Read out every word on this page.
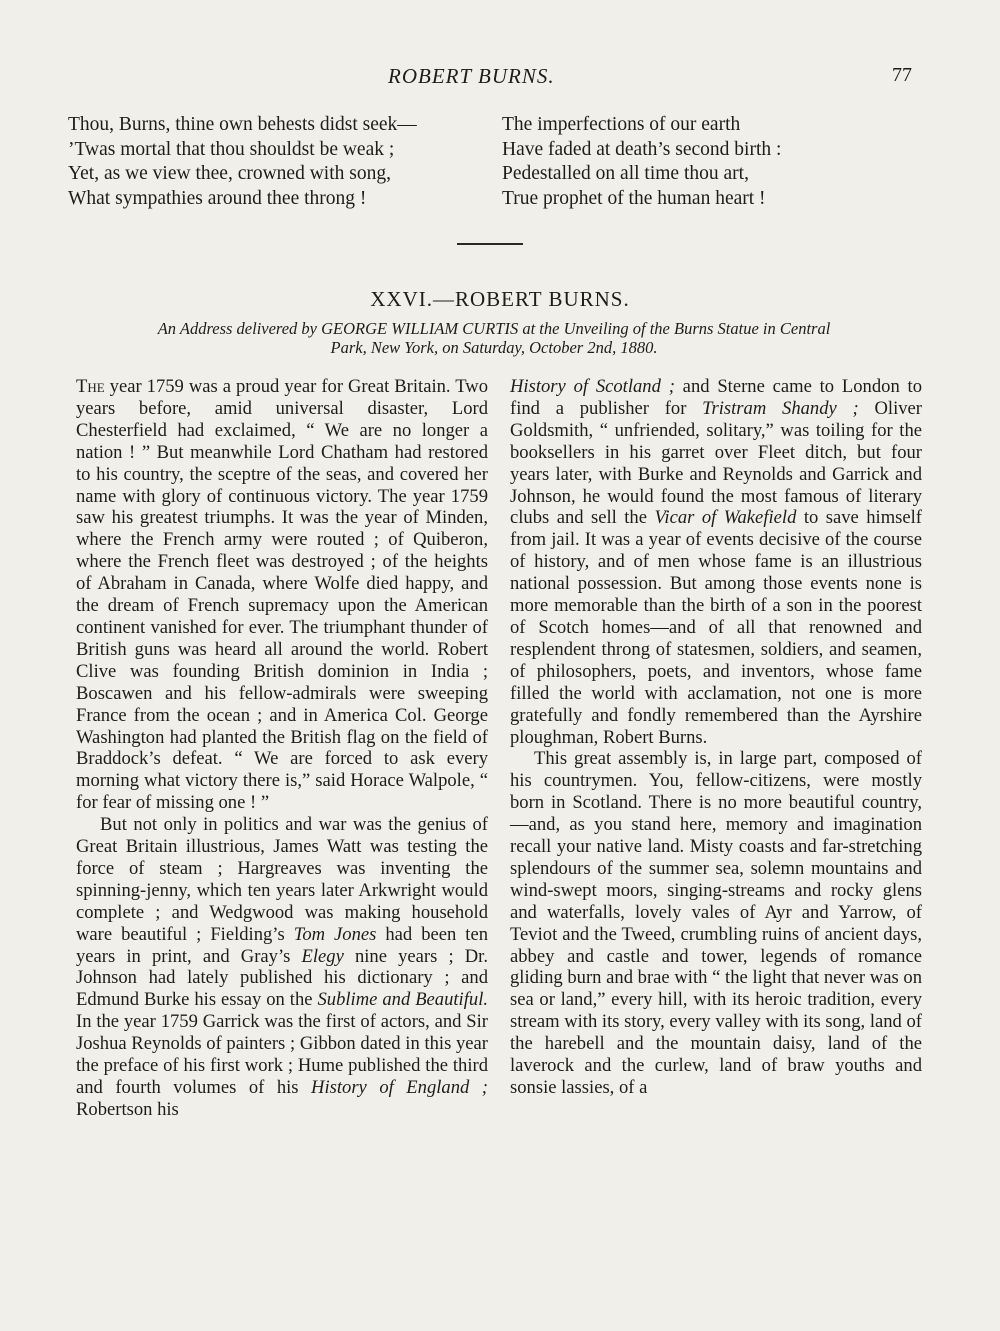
ROBERT BURNS.	77
Thou, Burns, thine own behests didst seek—
’Twas mortal that thou shouldst be weak ;
Yet, as we view thee, crowned with song,
What sympathies around thee throng !
The imperfections of our earth
Have faded at death’s second birth :
Pedestalled on all time thou art,
True prophet of the human heart !
XXVI.—ROBERT BURNS.
An Address delivered by GEORGE WILLIAM CURTIS at the Unveiling of the Burns Statue in Central
Park, New York, on Saturday, October 2nd, 1880.

The year 1759 was a proud year for Great Britain. Two years before, amid universal disaster, Lord Chesterfield had exclaimed, “ We are no longer a nation ! ” But meanwhile Lord Chatham had restored to his country, the sceptre of the seas, and covered her name with glory of continuous victory. The year 1759 saw his greatest triumphs. It was the year of Minden, where the French army were routed ; of Quiberon, where the French fleet was destroyed ; of the heights of Abraham in Canada, where Wolfe died happy, and the dream of French supremacy upon the American continent vanished for ever. The triumphant thunder of British guns was heard all around the world. Robert Clive was founding British dominion in India ; Boscawen and his fellow-admirals were sweeping France from the ocean ; and in America Col. George Washington had planted the British flag on the field of Braddock’s defeat. “ We are forced to ask every morning what victory there is,” said Horace Walpole, “ for fear of missing one ! ”

But not only in politics and war was the genius of Great Britain illustrious, James Watt was testing the force of steam ; Hargreaves was inventing the spinning-jenny, which ten years later Arkwright would complete ; and Wedgwood was making household ware beautiful ; Fielding’s Tom Jones had been ten years in print, and Gray’s Elegy nine years ; Dr. Johnson had lately published his dictionary ; and Edmund Burke his essay on the Sublime and Beautiful. In the year 1759 Garrick was the first of actors, and Sir Joshua Reynolds of painters ; Gibbon dated in this year the preface of his first work ; Hume published the third and fourth volumes of his History of England ; Robertson his

History of Scotland ; and Sterne came to London to find a publisher for Tristram Shandy ; Oliver Goldsmith, “ unfriended, solitary,” was toiling for the booksellers in his garret over Fleet ditch, but four years later, with Burke and Reynolds and Garrick and Johnson, he would found the most famous of literary clubs and sell the Vicar of Wakefield to save himself from jail. It was a year of events decisive of the course of history, and of men whose fame is an illustrious national possession. But among those events none is more memorable than the birth of a son in the poorest of Scotch homes—and of all that renowned and resplendent throng of statesmen, soldiers, and seamen, of philosophers, poets, and inventors, whose fame filled the world with acclamation, not one is more gratefully and fondly remembered than the Ayrshire ploughman, Robert Burns.

This great assembly is, in large part, composed of his countrymen. You, fellow-citizens, were mostly born in Scotland. There is no more beautiful country,—and, as you stand here, memory and imagination recall your native land. Misty coasts and far-stretching splendours of the summer sea, solemn mountains and wind-swept moors, singing-streams and rocky glens and waterfalls, lovely vales of Ayr and Yarrow, of Teviot and the Tweed, crumbling ruins of ancient days, abbey and castle and tower, legends of romance gliding burn and brae with “ the light that never was on sea or land,” every hill, with its heroic tradition, every stream with its story, every valley with its song, land of the harebell and the mountain daisy, land of the laverock and the curlew, land of braw youths and sonsie lassies, of a
